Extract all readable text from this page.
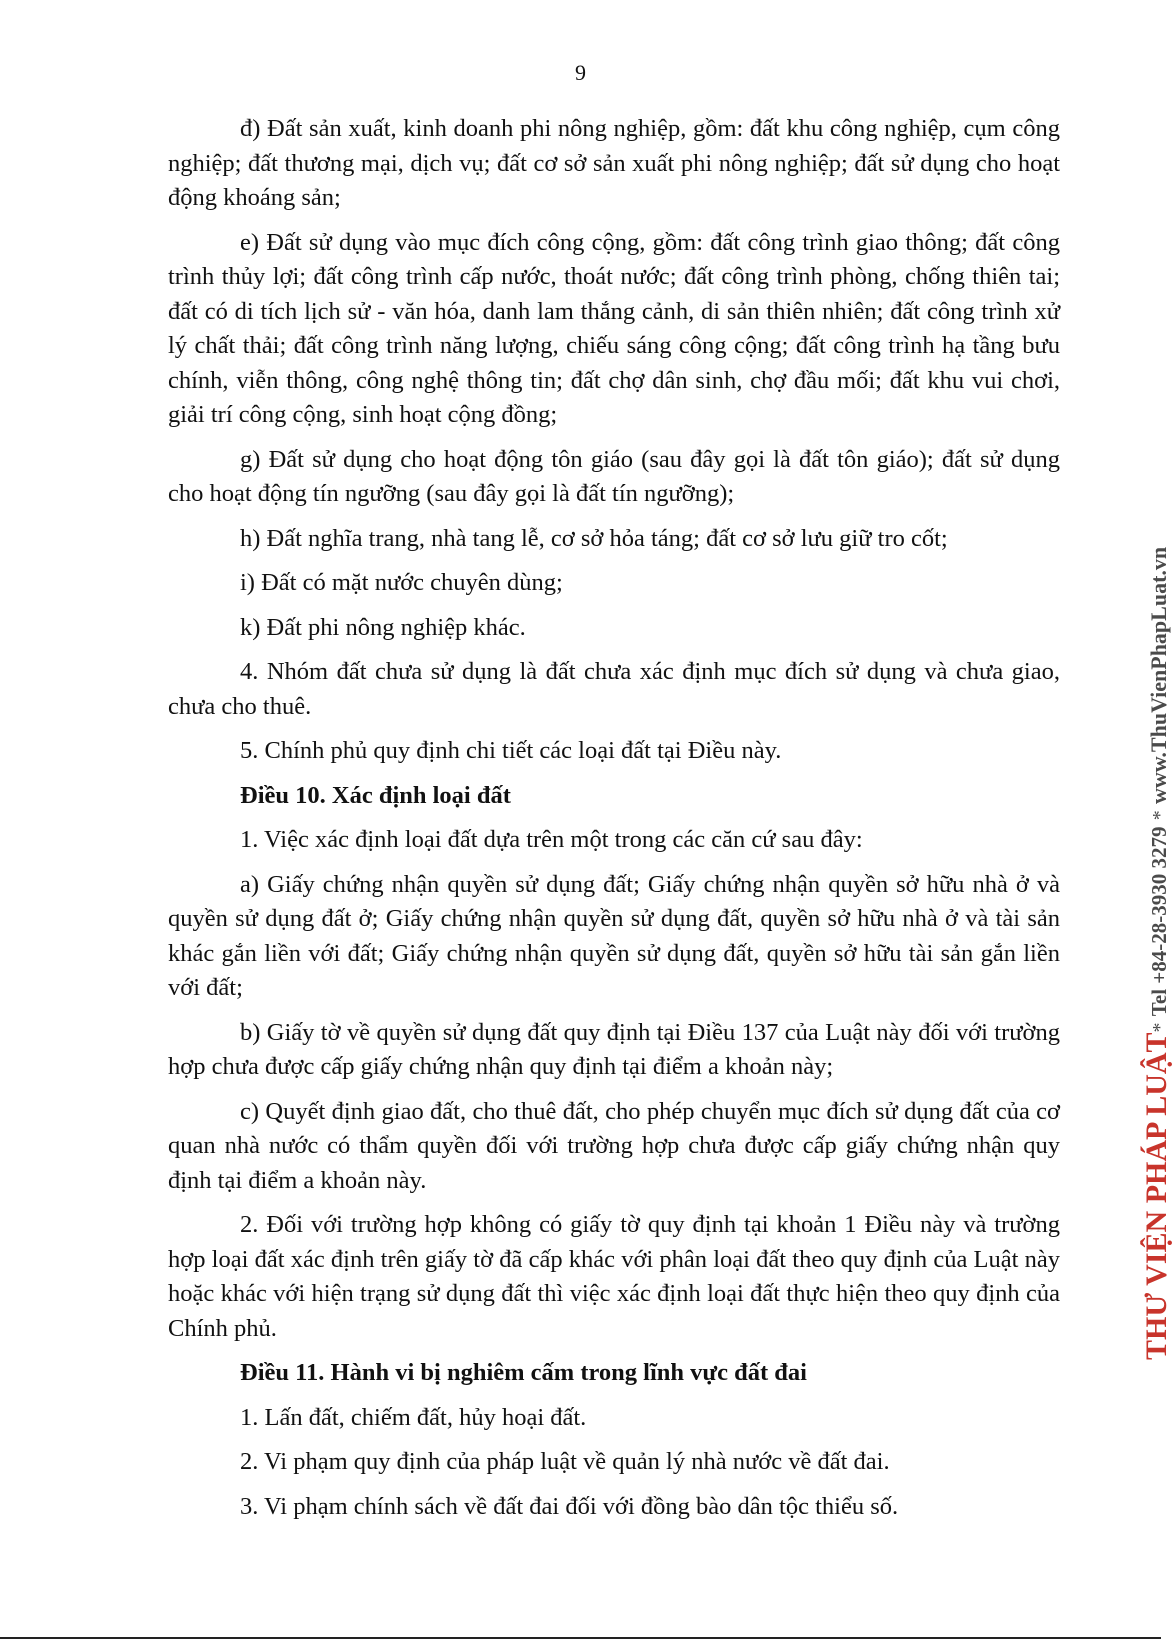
9

đ) Đất sản xuất, kinh doanh phi nông nghiệp, gồm: đất khu công nghiệp, cụm công nghiệp; đất thương mại, dịch vụ; đất cơ sở sản xuất phi nông nghiệp; đất sử dụng cho hoạt động khoáng sản;

e) Đất sử dụng vào mục đích công cộng, gồm: đất công trình giao thông; đất công trình thủy lợi; đất công trình cấp nước, thoát nước; đất công trình phòng, chống thiên tai; đất có di tích lịch sử - văn hóa, danh lam thắng cảnh, di sản thiên nhiên; đất công trình xử lý chất thải; đất công trình năng lượng, chiếu sáng công cộng; đất công trình hạ tầng bưu chính, viễn thông, công nghệ thông tin; đất chợ dân sinh, chợ đầu mối; đất khu vui chơi, giải trí công cộng, sinh hoạt cộng đồng;

g) Đất sử dụng cho hoạt động tôn giáo (sau đây gọi là đất tôn giáo); đất sử dụng cho hoạt động tín ngưỡng (sau đây gọi là đất tín ngưỡng);

h) Đất nghĩa trang, nhà tang lễ, cơ sở hỏa táng; đất cơ sở lưu giữ tro cốt;

i) Đất có mặt nước chuyên dùng;

k) Đất phi nông nghiệp khác.

4. Nhóm đất chưa sử dụng là đất chưa xác định mục đích sử dụng và chưa giao, chưa cho thuê.

5. Chính phủ quy định chi tiết các loại đất tại Điều này.

Điều 10. Xác định loại đất

1. Việc xác định loại đất dựa trên một trong các căn cứ sau đây:

a) Giấy chứng nhận quyền sử dụng đất; Giấy chứng nhận quyền sở hữu nhà ở và quyền sử dụng đất ở; Giấy chứng nhận quyền sử dụng đất, quyền sở hữu nhà ở và tài sản khác gắn liền với đất; Giấy chứng nhận quyền sử dụng đất, quyền sở hữu tài sản gắn liền với đất;

b) Giấy tờ về quyền sử dụng đất quy định tại Điều 137 của Luật này đối với trường hợp chưa được cấp giấy chứng nhận quy định tại điểm a khoản này;

c) Quyết định giao đất, cho thuê đất, cho phép chuyển mục đích sử dụng đất của cơ quan nhà nước có thẩm quyền đối với trường hợp chưa được cấp giấy chứng nhận quy định tại điểm a khoản này.

2. Đối với trường hợp không có giấy tờ quy định tại khoản 1 Điều này và trường hợp loại đất xác định trên giấy tờ đã cấp khác với phân loại đất theo quy định của Luật này hoặc khác với hiện trạng sử dụng đất thì việc xác định loại đất thực hiện theo quy định của Chính phủ.

Điều 11. Hành vi bị nghiêm cấm trong lĩnh vực đất đai

1. Lấn đất, chiếm đất, hủy hoại đất.

2. Vi phạm quy định của pháp luật về quản lý nhà nước về đất đai.

3. Vi phạm chính sách về đất đai đối với đồng bào dân tộc thiểu số.

THƯ VIỆN PHÁP LUẬT* Tel +84-28-3930 3279 * www.ThuVienPhapLuat.vn
